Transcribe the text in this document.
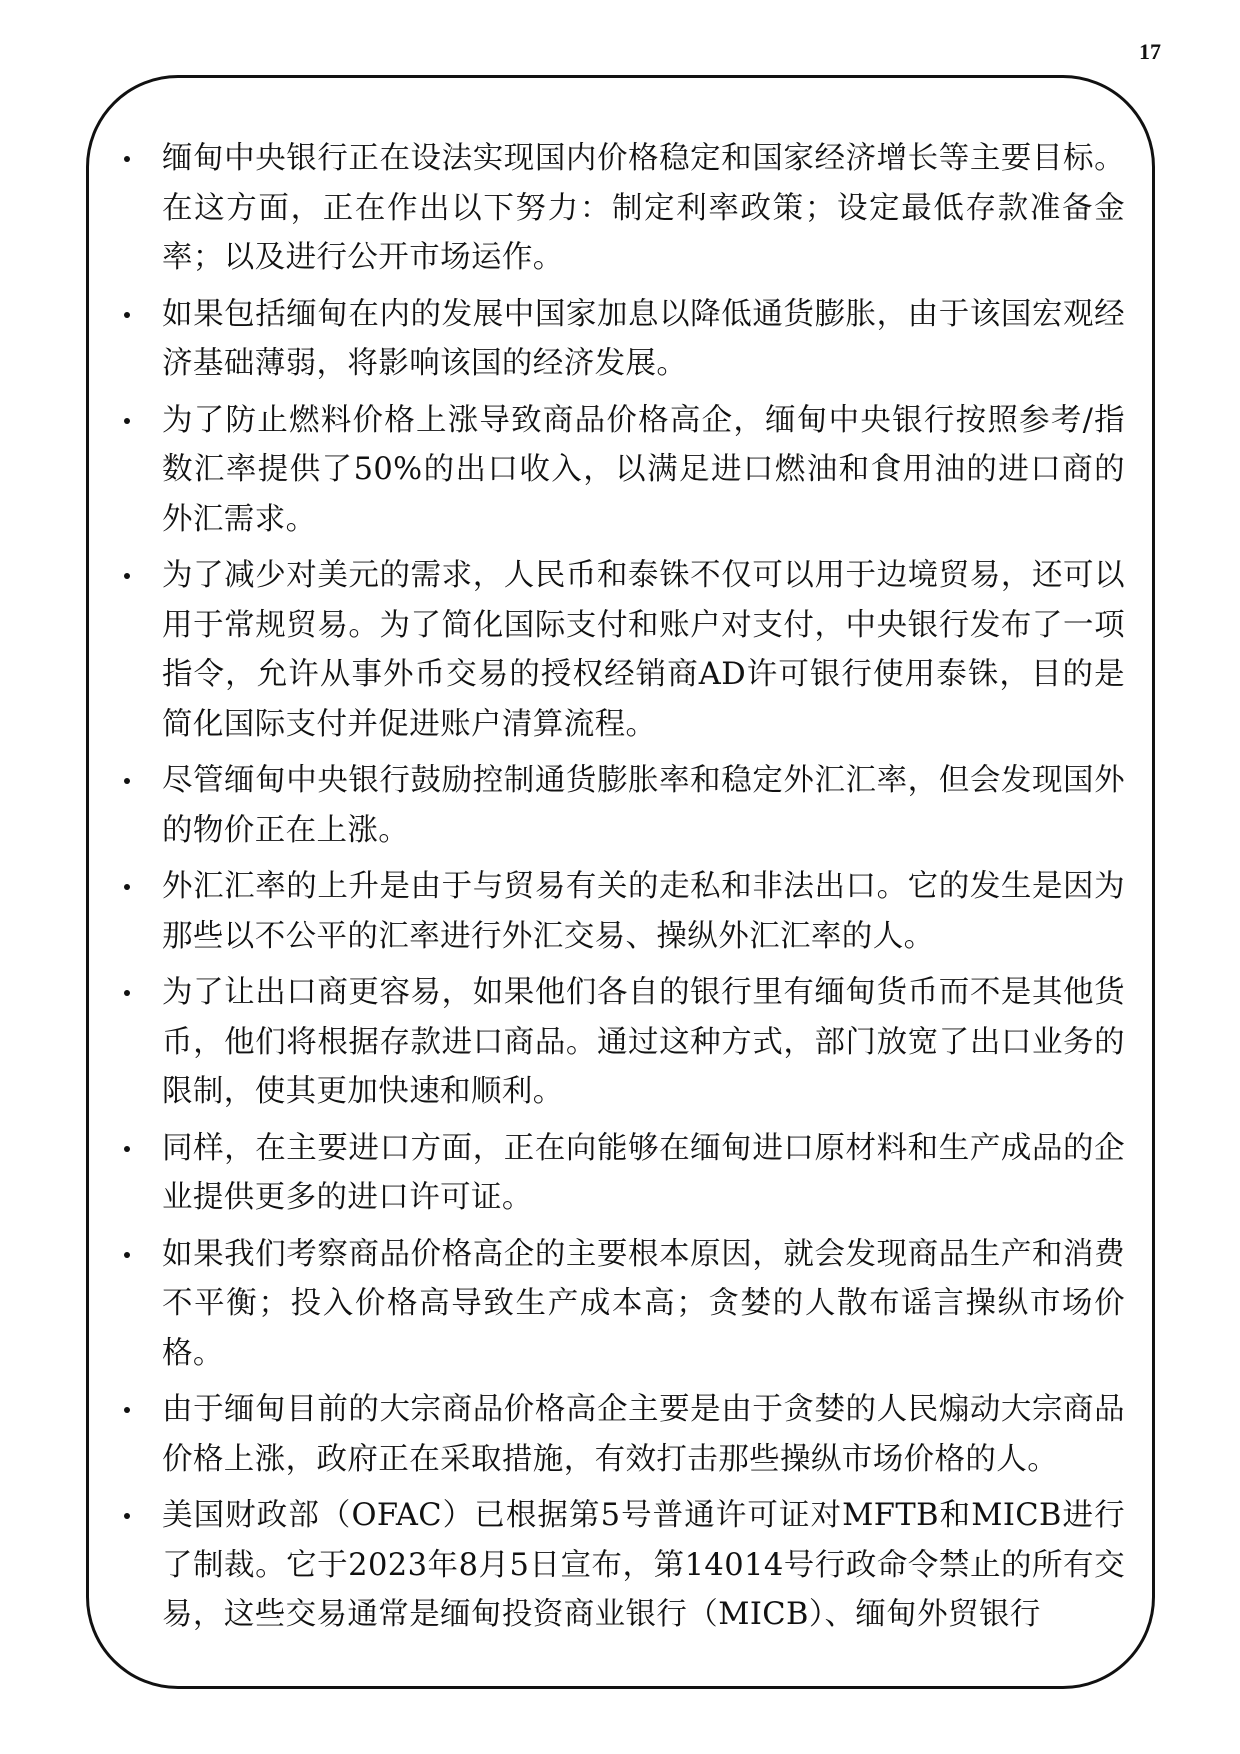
17
缅甸中央银行正在设法实现国内价格稳定和国家经济增长等主要目标。在这方面，正在作出以下努力：制定利率政策；设定最低存款准备金率；以及进行公开市场运作。
如果包括缅甸在内的发展中国家加息以降低通货膨胀，由于该国宏观经济基础薄弱，将影响该国的经济发展。
为了防止燃料价格上涨导致商品价格高企，缅甸中央银行按照参考/指数汇率提供了50%的出口收入，以满足进口燃油和食用油的进口商的外汇需求。
为了减少对美元的需求，人民币和泰铢不仅可以用于边境贸易，还可以用于常规贸易。为了简化国际支付和账户对支付，中央银行发布了一项指令，允许从事外币交易的授权经销商AD许可银行使用泰铢，目的是简化国际支付并促进账户清算流程。
尽管缅甸中央银行鼓励控制通货膨胀率和稳定外汇汇率，但会发现国外的物价正在上涨。
外汇汇率的上升是由于与贸易有关的走私和非法出口。它的发生是因为那些以不公平的汇率进行外汇交易、操纵外汇汇率的人。
为了让出口商更容易，如果他们各自的银行里有缅甸货币而不是其他货币，他们将根据存款进口商品。通过这种方式，部门放宽了出口业务的限制，使其更加快速和顺利。
同样，在主要进口方面，正在向能够在缅甸进口原材料和生产成品的企业提供更多的进口许可证。
如果我们考察商品价格高企的主要根本原因，就会发现商品生产和消费不平衡；投入价格高导致生产成本高；贪婪的人散布谣言操纵市场价格。
由于缅甸目前的大宗商品价格高企主要是由于贪婪的人民煽动大宗商品价格上涨，政府正在采取措施，有效打击那些操纵市场价格的人。
美国财政部（OFAC）已根据第5号普通许可证对MFTB和MICB进行了制裁。它于2023年8月5日宣布，第14014号行政命令禁止的所有交易，这些交易通常是缅甸投资商业银行（MICB）、缅甸外贸银行
